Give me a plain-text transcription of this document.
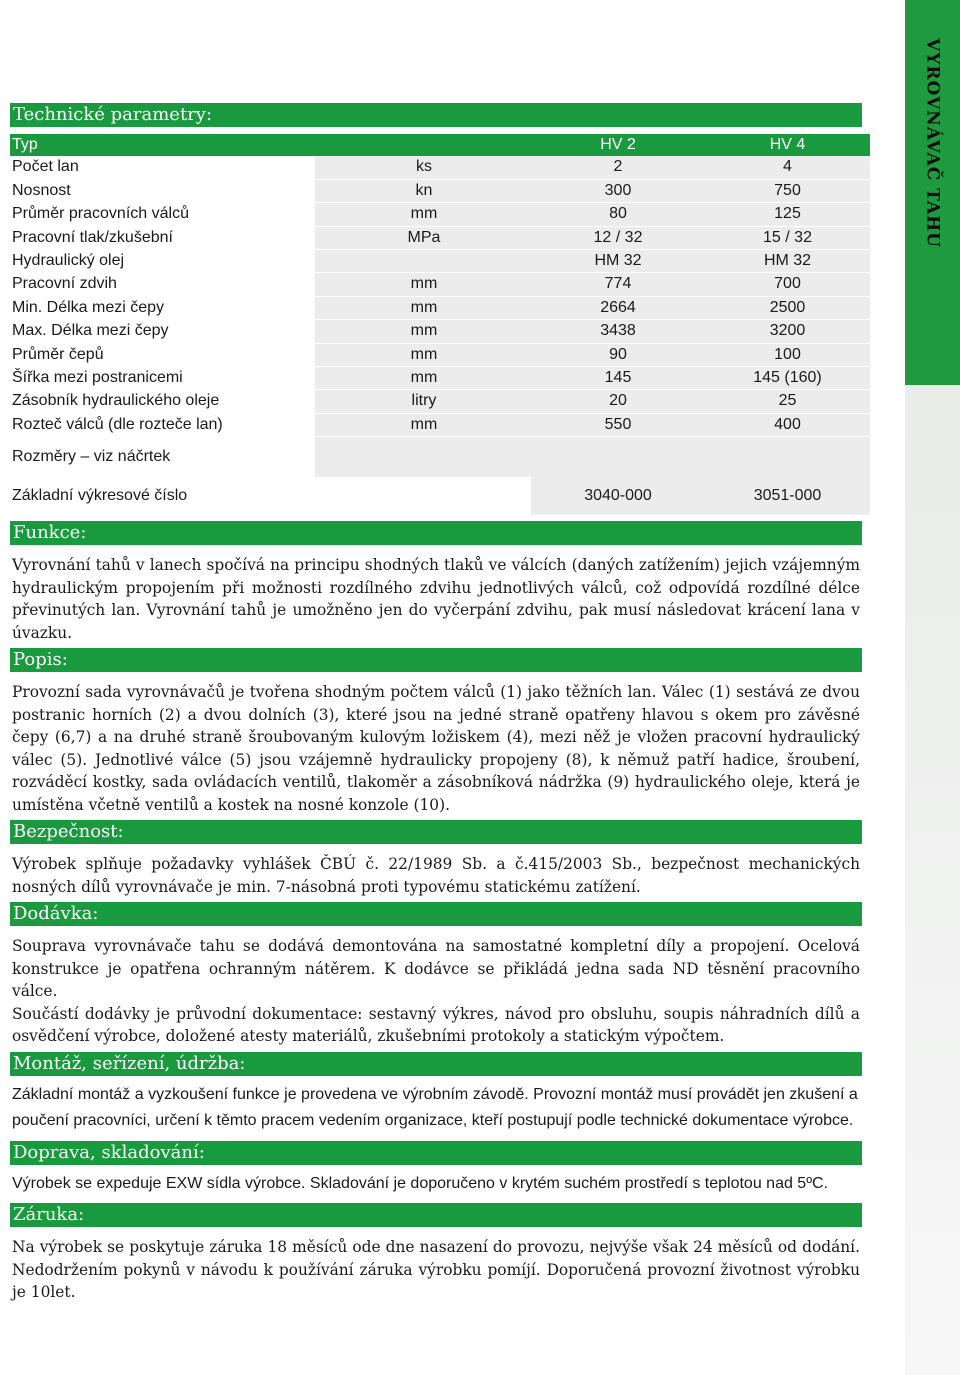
VYROVNÁVAČ TAHU
Technické parametry:
Typ		HV 2	HV 4
Počet lan	ks	2	4
Nosnost	kn	300	750
Průměr pracovních válců	mm	80	125
Pracovní tlak/zkušební	MPa	12 / 32	15 / 32
Hydraulický olej		HM 32	HM 32
Pracovní zdvih	mm	774	700
Min. Délka mezi čepy	mm	2664	2500
Max. Délka mezi čepy	mm	3438	3200
Průměr čepů	mm	90	100
Šířka mezi postranicemi	mm	145	145 (160)
Zásobník hydraulického oleje	litry	20	25
Rozteč válců (dle rozteče lan)	mm	550	400
Rozměry – viz náčrtek			
Základní výkresové číslo		3040-000	3051-000
Funkce:
Vyrovnání tahů v lanech spočívá na principu shodných tlaků ve válcích (daných zatížením) jejich vzájemným hydraulickým propojením při možnosti rozdílného zdvihu jednotlivých válců, což odpovídá rozdílné délce převinutých lan. Vyrovnání tahů je umožněno jen do vyčerpání zdvihu, pak musí následovat krácení lana v úvazku.
Popis:
Provozní sada vyrovnávačů je tvořena shodným počtem válců (1) jako těžních lan. Válec (1) sestává ze dvou postranic horních (2) a dvou dolních (3), které jsou na jedné straně opatřeny hlavou s okem pro závěsné čepy (6,7) a na druhé straně šroubovaným kulovým ložiskem (4), mezi něž je vložen pracovní hydraulický válec (5). Jednotlivé válce (5) jsou vzájemně hydraulicky propojeny (8), k němuž patří hadice, šroubení, rozváděcí kostky, sada ovládacích ventilů, tlakoměr a zásobníková nádržka (9) hydraulického oleje, která je umístěna včetně ventilů a kostek na nosné konzole (10).
Bezpečnost:
Výrobek splňuje požadavky vyhlášek ČBÚ č. 22/1989 Sb. a č.415/2003 Sb., bezpečnost mechanických nosných dílů vyrovnávače je min. 7-násobná proti typovému statickému zatížení.
Dodávka:
Souprava vyrovnávače tahu se dodává demontována na samostatné kompletní díly a propojení. Ocelová konstrukce je opatřena ochranným nátěrem. K dodávce se přikládá jedna sada ND těsnění pracovního válce.
Součástí dodávky je průvodní dokumentace: sestavný výkres, návod pro obsluhu, soupis náhradních dílů a osvědčení výrobce, doložené atesty materiálů, zkušebními protokoly a statickým výpočtem.
Montáž, seřízení, údržba:
Základní montáž a vyzkoušení funkce je provedena ve výrobním závodě. Provozní montáž musí provádět jen zkušení a poučení pracovníci, určení k těmto pracem vedením organizace, kteří postupují podle technické dokumentace výrobce.
Doprava, skladování:
Výrobek se expeduje EXW sídla výrobce. Skladování je doporučeno v krytém suchém prostředí s teplotou nad 5ºC.
Záruka:
Na výrobek se poskytuje záruka 18 měsíců ode dne nasazení do provozu, nejvýše však 24 měsíců od dodání. Nedodržením pokynů v návodu k používání záruka výrobku pomíjí. Doporučená provozní životnost výrobku je 10let.
